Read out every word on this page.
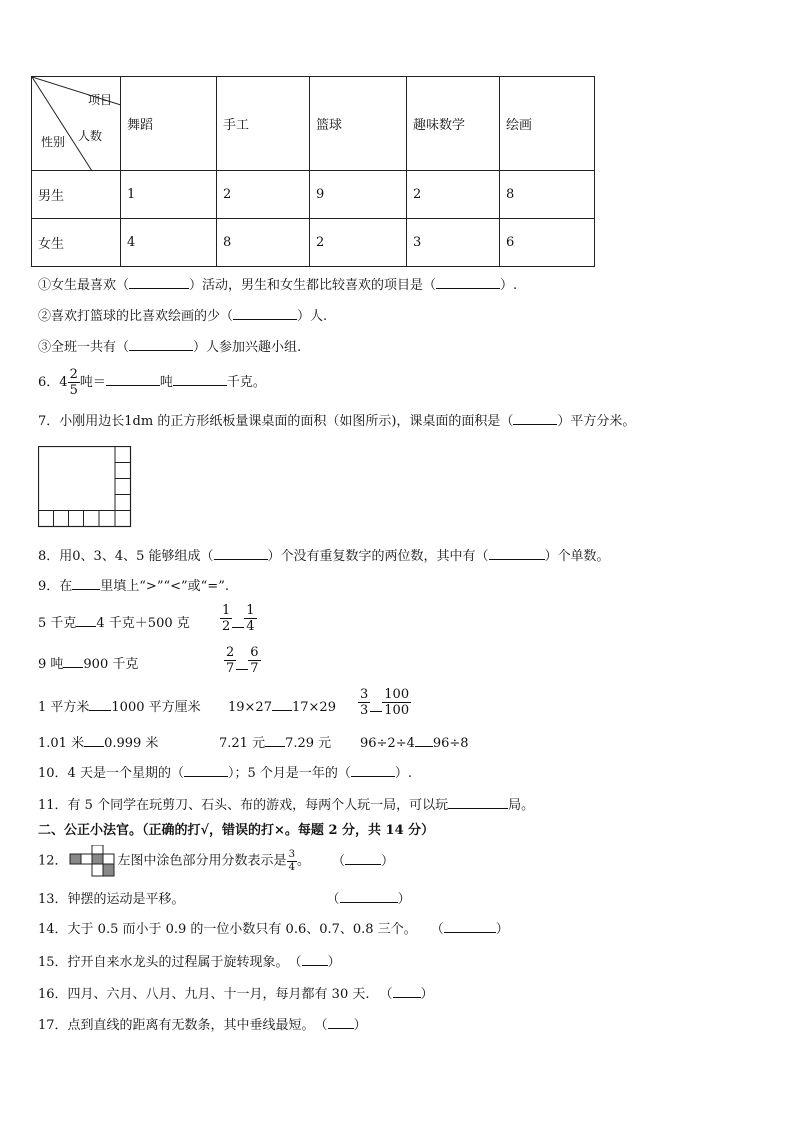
项目
人数
性别	舞蹈	手工	篮球	趣味数学	绘画
男生	1	2	9	2	8
女生	4	8	2	3	6
①女生最喜欢（	）活动，男生和女生都比较喜欢的项目是（	）.
②喜欢打篮球的比喜欢绘画的少（	）人.
③全班一共有（	）人参加兴趣小组.
6．$4 \frac{2}{5}$ 吨＝	吨	千克。
7．小刚用边长1dm 的正方形纸板量课桌面的面积（如图所示)，课桌面的面积是（	）平方分米。
8．用0、3、4、5 能够组成（	）个没有重复数字的两位数，其中有（	）个单数。
9．在 里填上“>”“<”或“=”.
5 千克 4 千克＋500 克 $\frac{1}{2} \frac{1}{4}$
9 吨 900 千克	$\frac{2}{7} \frac{6}{7}$
1 平方米 1000 平方厘米 19×27 $17\times 29 \frac{3}{3} \frac{100}{100}$
1.01 米 0.999 米	7.21 元 7.29 元 96÷2÷4 96÷8
10．4 天是一个星期的（	）；5 个月是一年的（	）.
11．有 5 个同学在玩剪刀、石头、布的游戏，每两个人玩一局，可以玩	局。
二、公正小法官。（正确的打√，错误的打×。每题 2 分，共 14 分）
12．	左图中涂色部分用分数表示是 $\frac{3}{4}$ 。 （	）
13．钟摆的运动是平移。	（	）
14．大于 0.5 而小于 0.9 的一位小数只有 0.6、0.7、0.8 三个。 （	）
15．拧开自来水龙头的过程属于旋转现象。（ ）
16．四月、六月、八月、九月、十一月，每月都有 30 天. （ ）
17．点到直线的距离有无数条，其中垂线最短。（ ）
